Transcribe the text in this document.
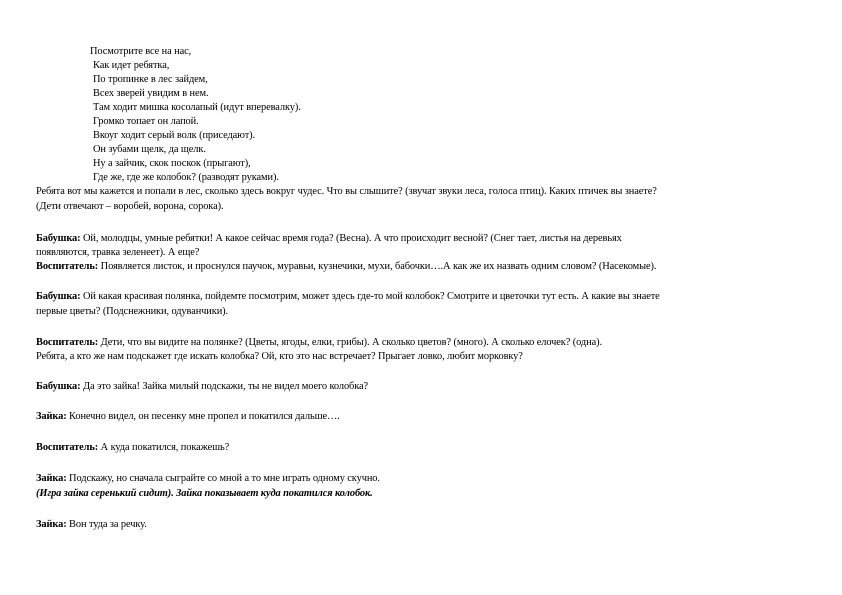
Посмотрите все на нас,
Как идет ребятка,
По тропинке в лес зайдем,
Всех зверей увидим в нем.
Там ходит мишка косолапый (идут вперевалку).
Громко топает он лапой.
Вкоуг ходит серый волк (приседают).
Он зубами щелк, да щелк.
Ну а зайчик, скок поскок (прыгают),
Где же, где же колобок? (разводят руками).
Ребята вот мы кажется и попали в лес, сколько здесь вокруг чудес. Что вы слышите? (звучат звуки леса, голоса птиц). Каких птичек вы знаете?
(Дети отвечают – воробей, ворона, сорока).
Бабушка: Ой, молодцы, умные ребятки! А какое сейчас время года? (Весна). А что происходит весной? (Снег тает, листья на деревьях
появляются, травка зеленеет). А еще?
Воспитатель: Появляется листок, и проснулся паучок, муравьи, кузнечики, мухи, бабочки….А как же их назвать одним словом? (Насекомые).
Бабушка: Ой какая красивая полянка, пойдемте посмотрим, может здесь где-то мой колобок? Смотрите и цветочки тут есть. А какие вы знаете
первые цветы? (Подснежники, одуванчики).
Воспитатель: Дети, что вы видите на полянке? (Цветы, ягоды, елки, грибы). А сколько цветов? (много). А сколько елочек? (одна).
Ребята, а кто же нам подскажет где искать колобка? Ой, кто это нас встречает? Прыгает ловко, любит морковку?
Бабушка: Да это зайка! Зайка милый подскажи, ты не видел моего колобка?
Зайка: Конечно видел, он песенку мне пропел и покатился дальше….
Воспитатель: А куда покатился, покажешь?
Зайка: Подскажу, но сначала сыграйте со мной а то мне играть одному скучно.
(Игра зайка серенький сидит). Зайка показывает куда покатился колобок.
Зайка: Вон туда за речку.
